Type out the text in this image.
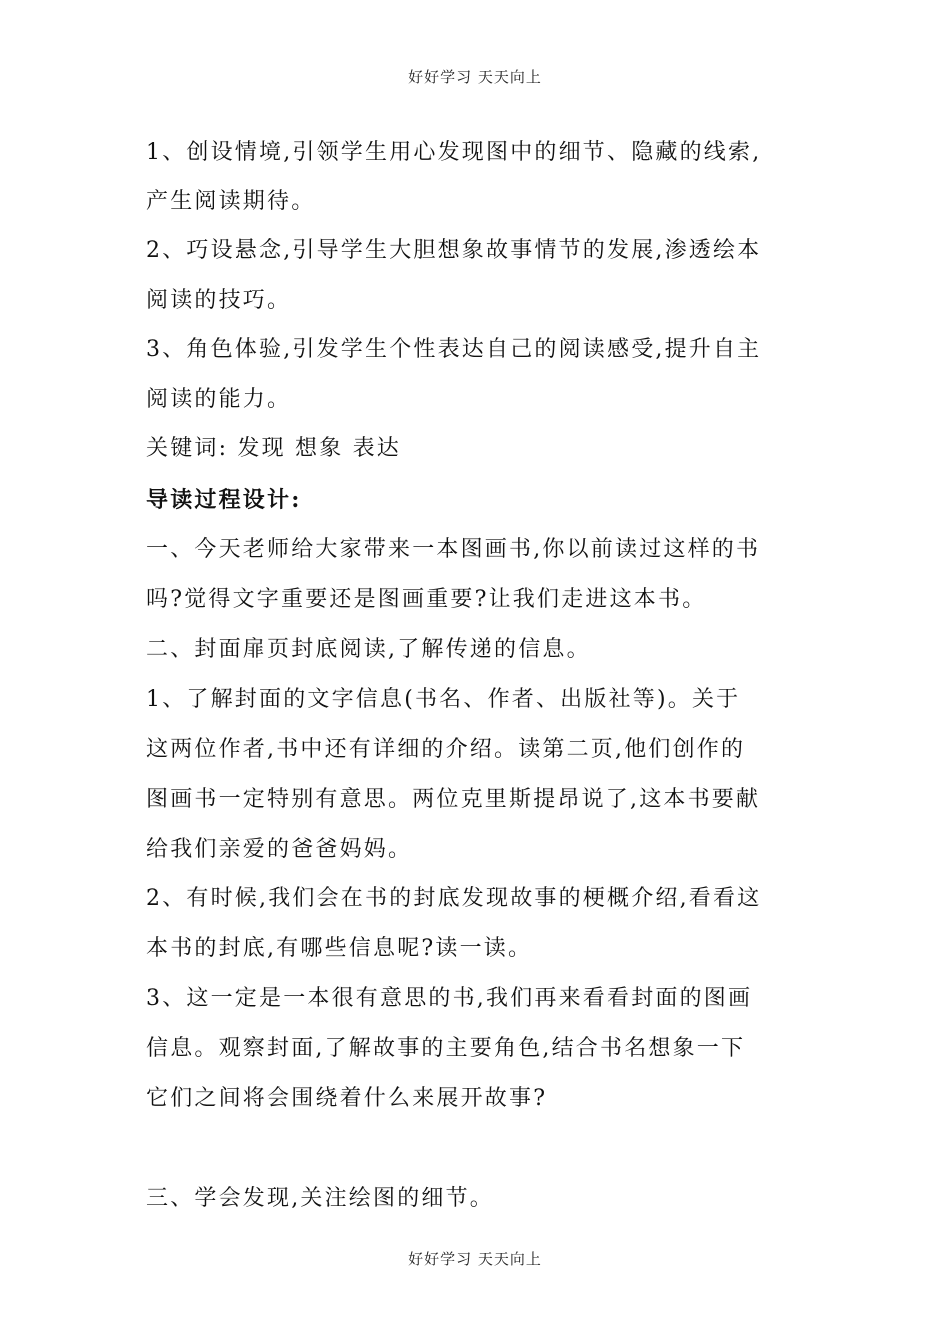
好好学习 天天向上
1、创设情境,引领学生用心发现图中的细节、隐藏的线索,
产生阅读期待。
2、巧设悬念,引导学生大胆想象故事情节的发展,渗透绘本
阅读的技巧。
3、角色体验,引发学生个性表达自己的阅读感受,提升自主
阅读的能力。
关键词: 发现 想象 表达
导读过程设计:
一、今天老师给大家带来一本图画书,你以前读过这样的书
吗?觉得文字重要还是图画重要?让我们走进这本书。
二、封面扉页封底阅读,了解传递的信息。
1、了解封面的文字信息(书名、作者、出版社等)。关于
这两位作者,书中还有详细的介绍。读第二页,他们创作的
图画书一定特别有意思。两位克里斯提昂说了,这本书要献
给我们亲爱的爸爸妈妈。
2、有时候,我们会在书的封底发现故事的梗概介绍,看看这
本书的封底,有哪些信息呢?读一读。
3、这一定是一本很有意思的书,我们再来看看封面的图画
信息。观察封面,了解故事的主要角色,结合书名想象一下
它们之间将会围绕着什么来展开故事?
三、学会发现,关注绘图的细节。
好好学习 天天向上
